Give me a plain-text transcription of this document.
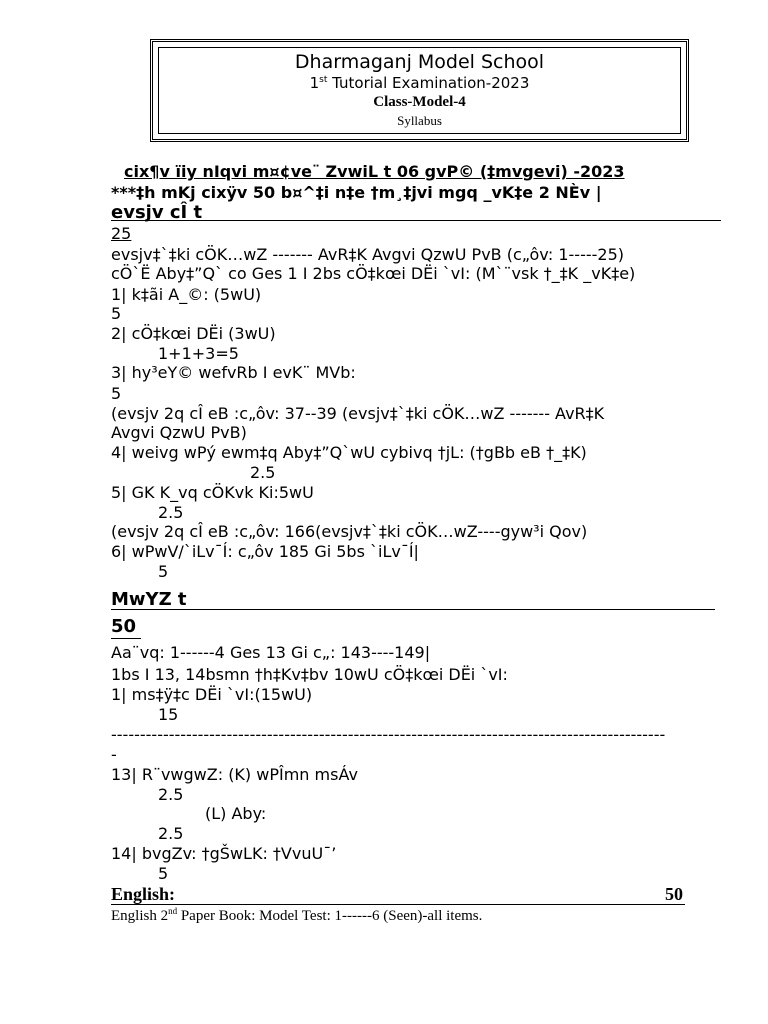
Dharmaganj Model School
1st Tutorial Examination-2023
Class-Model-4
Syllabus
cix¶v ïiy nIqvi m¤¢ve¨ ZvwiL t 06 gvP© (‡mvgevi) -2023
***‡h mKj cixÿv 50 b¤^‡i n‡e †m¸‡jvi mgq _vK‡e 2 NÈv |
evsjv cÎ t
25
evsjv‡`‡ki cÖK…wZ ------- AvR‡K Avgvi QzwU PvB (c„ôv: 1-----25)
cÖ`Ë Aby‡”Q` co Ges 1 I 2bs cÖ‡kœi DËi `vI: (M`¨vsk †_‡K _vK‡e)
1| k‡ãi A_©: (5wU)
5
2| cÖ‡kœi DËi (3wU)
1+1+3=5
3| hy³eY© wefvRb I evK¨ MVb:
5
(evsjv 2q cÎ eB :c„ôv: 37--39 (evsjv‡`‡ki cÖK…wZ ------- AvR‡K
Avgvi QzwU PvB)
4| weivg wPý ewm‡q Aby‡”Q`wU cybivq †jL: (†gBb eB †_‡K)
2.5
5| GK K_vq cÖKvk Ki:5wU
2.5
(evsjv 2q cÎ eB :c„ôv: 166(evsjv‡`‡ki cÖK…wZ----gyw³i Qov)
6| wPwV/`iLv¯Í: c„ôv 185 Gi 5bs `iLv¯Í|
5
MwYZ t
50
Aa¨vq: 1------4 Ges 13 Gi c„: 143----149|
1bs I 13, 14bsmn †h‡Kv‡bv 10wU cÖ‡kœi DËi `vI:
1| ms‡ÿ‡c DËi `vI:(15wU)
15
------------------------------------------------------------------------------------------------
-
13| R¨vwgwZ: (K) wPÎmn msÁv
2.5
(L) Aby:
2.5
14| bvgZv: †gŠwLK: †VvuU¯’
5
English:	50
English 2nd Paper Book: Model Test: 1------6 (Seen)-all items.
